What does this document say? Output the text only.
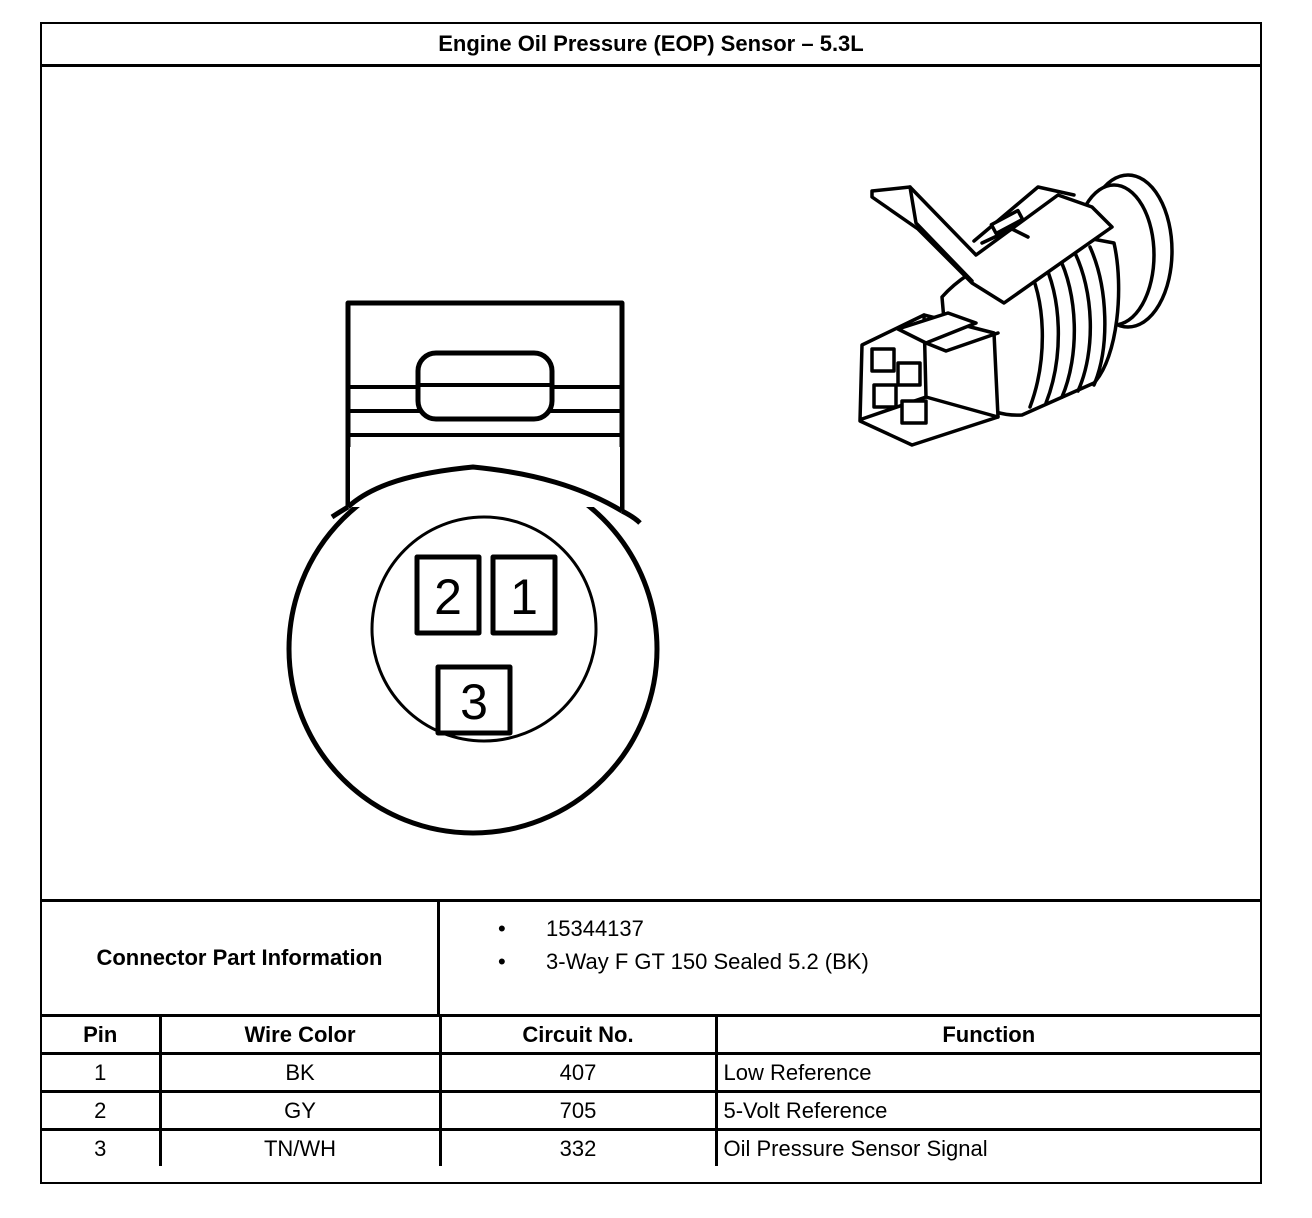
Engine Oil Pressure (EOP) Sensor – 5.3L
2 1
3
Connector Part Information
• 15344137
• 3-Way F GT 150 Sealed 5.2 (BK)
Pin	Wire Color	Circuit No.	Function
1	BK	407	Low Reference
2	GY	705	5-Volt Reference
3	TN/WH	332	Oil Pressure Sensor Signal
